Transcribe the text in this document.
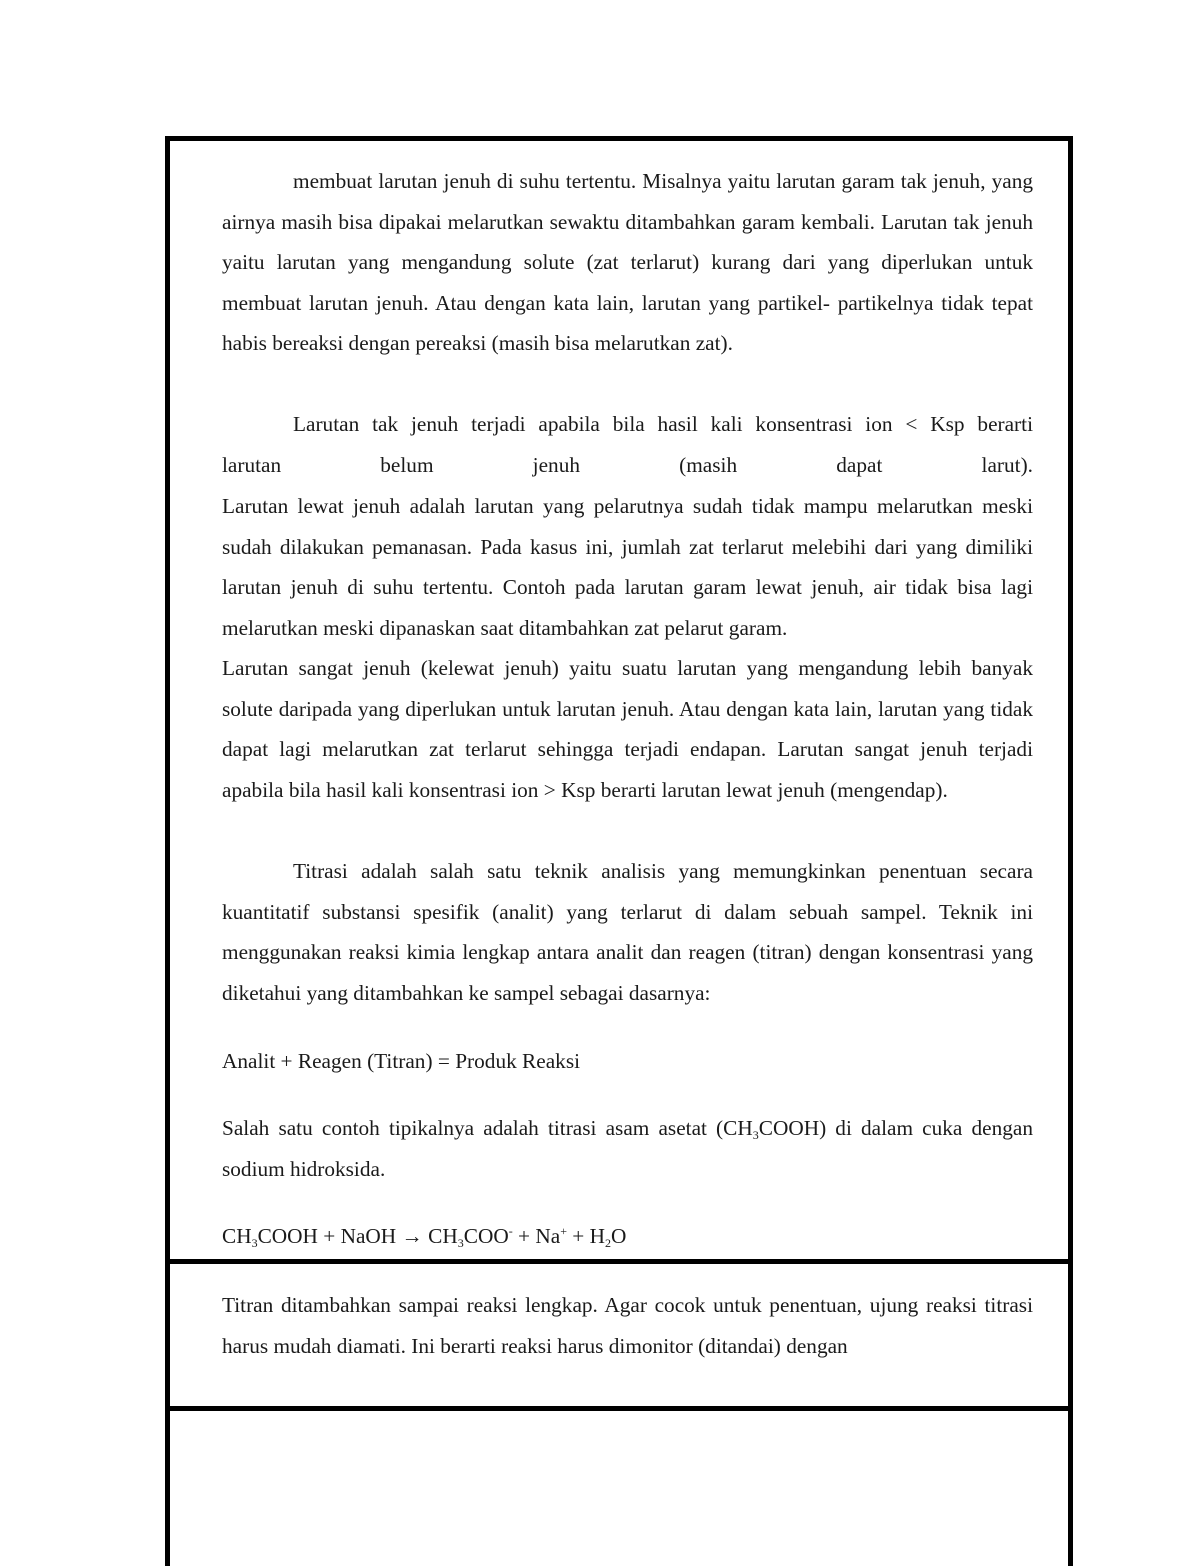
membuat larutan jenuh di suhu tertentu. Misalnya yaitu larutan garam tak jenuh, yang airnya masih bisa dipakai melarutkan sewaktu ditambahkan garam kembali. Larutan tak jenuh yaitu larutan yang mengandung solute (zat terlarut) kurang dari yang diperlukan untuk membuat larutan jenuh. Atau dengan kata lain, larutan yang partikel- partikelnya tidak tepat habis bereaksi dengan pereaksi (masih bisa melarutkan zat).

Larutan tak jenuh terjadi apabila bila hasil kali konsentrasi ion < Ksp berarti

larutan belum jenuh (masih dapat larut).

Larutan lewat jenuh adalah larutan yang pelarutnya sudah tidak mampu melarutkan meski sudah dilakukan pemanasan. Pada kasus ini, jumlah zat terlarut melebihi dari yang dimiliki larutan jenuh di suhu tertentu. Contoh pada larutan garam lewat jenuh, air tidak bisa lagi melarutkan meski dipanaskan saat ditambahkan zat pelarut garam.

Larutan sangat jenuh (kelewat jenuh) yaitu suatu larutan yang mengandung lebih banyak solute daripada yang diperlukan untuk larutan jenuh. Atau dengan kata lain, larutan yang tidak dapat lagi melarutkan zat terlarut sehingga terjadi endapan. Larutan sangat jenuh terjadi apabila bila hasil kali konsentrasi ion > Ksp berarti larutan lewat jenuh (mengendap).

Titrasi adalah salah satu teknik analisis yang memungkinkan penentuan secara kuantitatif substansi spesifik (analit) yang terlarut di dalam sebuah sampel. Teknik ini menggunakan reaksi kimia lengkap antara analit dan reagen (titran) dengan konsentrasi yang diketahui yang ditambahkan ke sampel sebagai dasarnya:

Analit + Reagen (Titran) = Produk Reaksi

Salah satu contoh tipikalnya adalah titrasi asam asetat $(CH_3COOH)$ di dalam cuka dengan sodium hidroksida.

$CH_3COOH$ + NaOH → $CH_3COO^- + Na^+ + H_2O$

Titran ditambahkan sampai reaksi lengkap. Agar cocok untuk penentuan, ujung reaksi titrasi harus mudah diamati. Ini berarti reaksi harus dimonitor (ditandai) dengan
